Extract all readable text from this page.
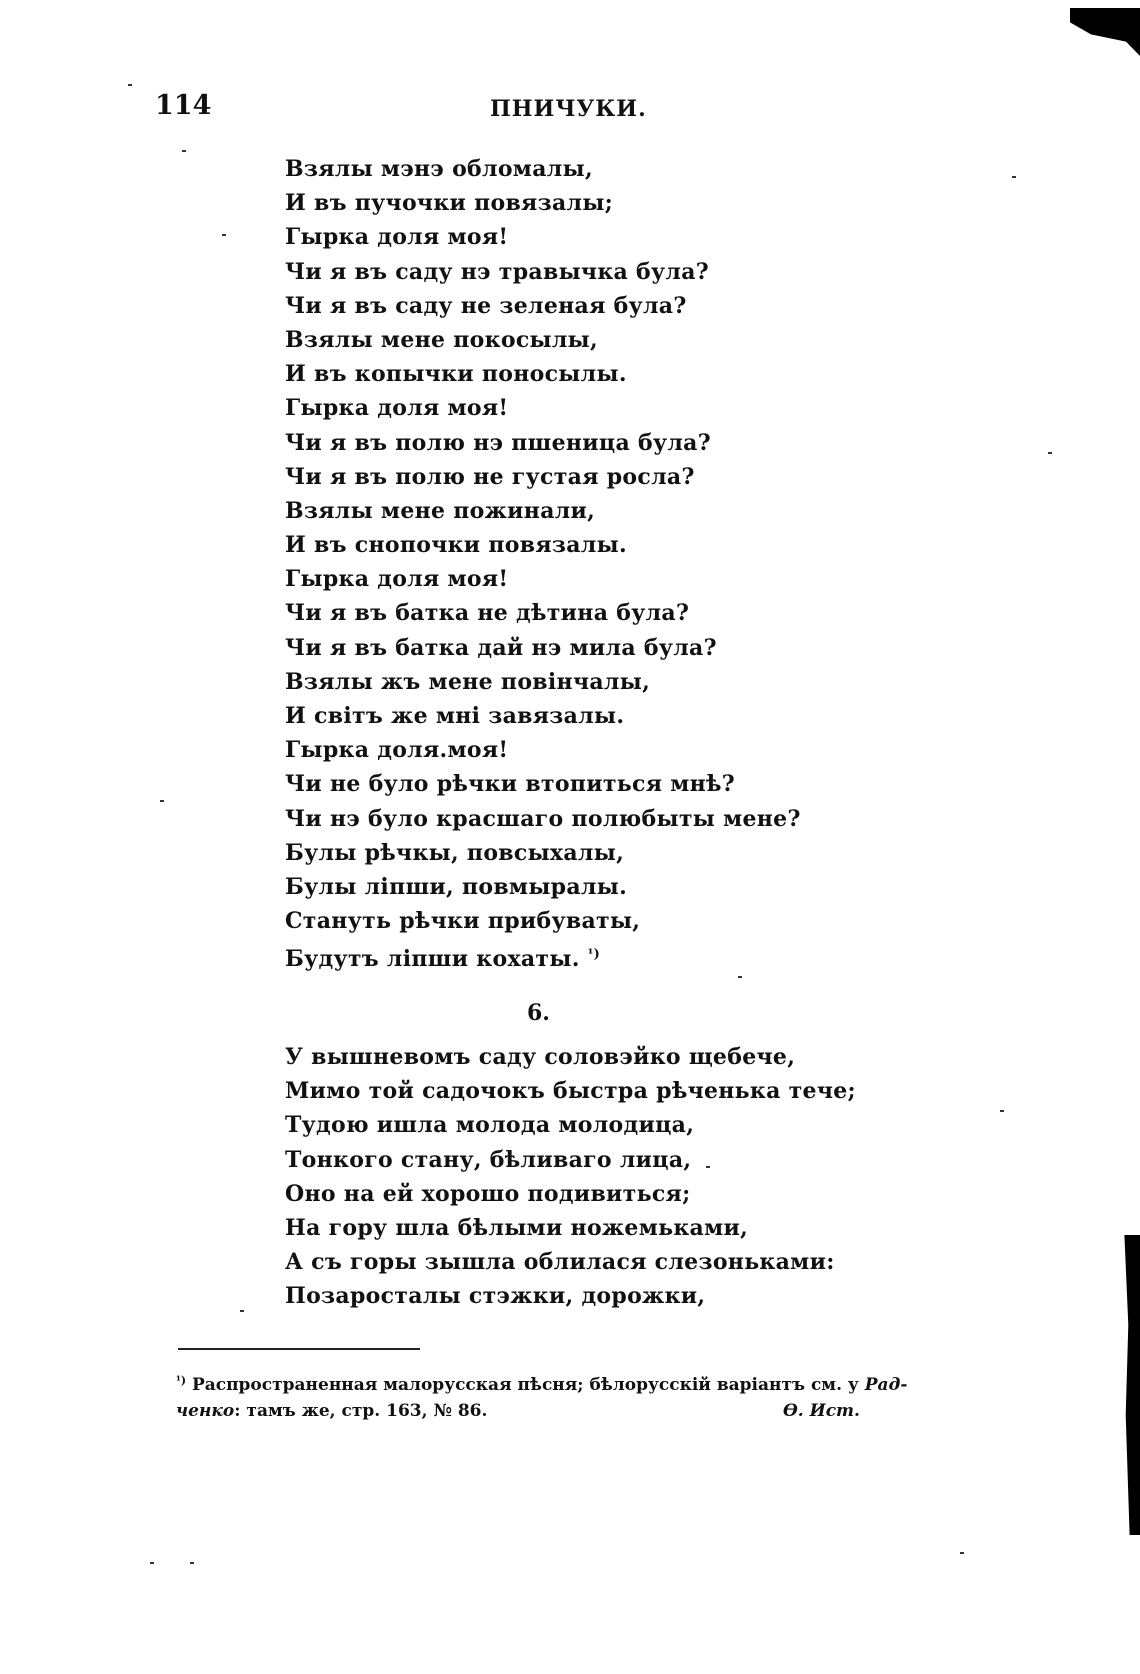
114	ПНИЧУКИ.
Взялы мэнэ обломалы,
И въ пучочки повязалы;
Гырка доля моя!
Чи я въ саду нэ травычка була?
Чи я въ саду не зеленая була?
Взялы мене покосылы,
И въ копычки поносылы.
Гырка доля моя!
Чи я въ полю нэ пшеница була?
Чи я въ полю не густая росла?
Взялы мене пожинали,
И въ снопочки повязалы.
Гырка доля моя!
Чи я въ батка не дѣтина була?
Чи я въ батка дай нэ мила була?
Взялы жъ мене повінчалы,
И світъ же мні завязалы.
Гырка доля.моя!
Чи не було рѣчки втопиться мнѣ?
Чи нэ було красшаго полюбыты мене?
Булы рѣчкы, повсыхалы,
Булы ліпши, повмыралы.
Стануть рѣчки прибуваты,
Будутъ ліпши кохаты. $^{^1)}$
6.
У вышневомъ саду соловэйко щебече,
Мимо той садочокъ быстра рѣченька тече;
Тудою ишла молода молодица,
Тонкого стану, бѣливаго лица,
Оно на ей хорошо подивиться;
На гору шла бѣлыми ножемьками,
А съ горы зышла облилася слезоньками:
Позаросталы стэжки, дорожки,
$^{^1)}$ Распространенная малорусская пѣсня; бѣлорусскій варіантъ см. у Рад-
ченко: тамъ же, стр. 163, № 86.	Ѳ. Ист.
